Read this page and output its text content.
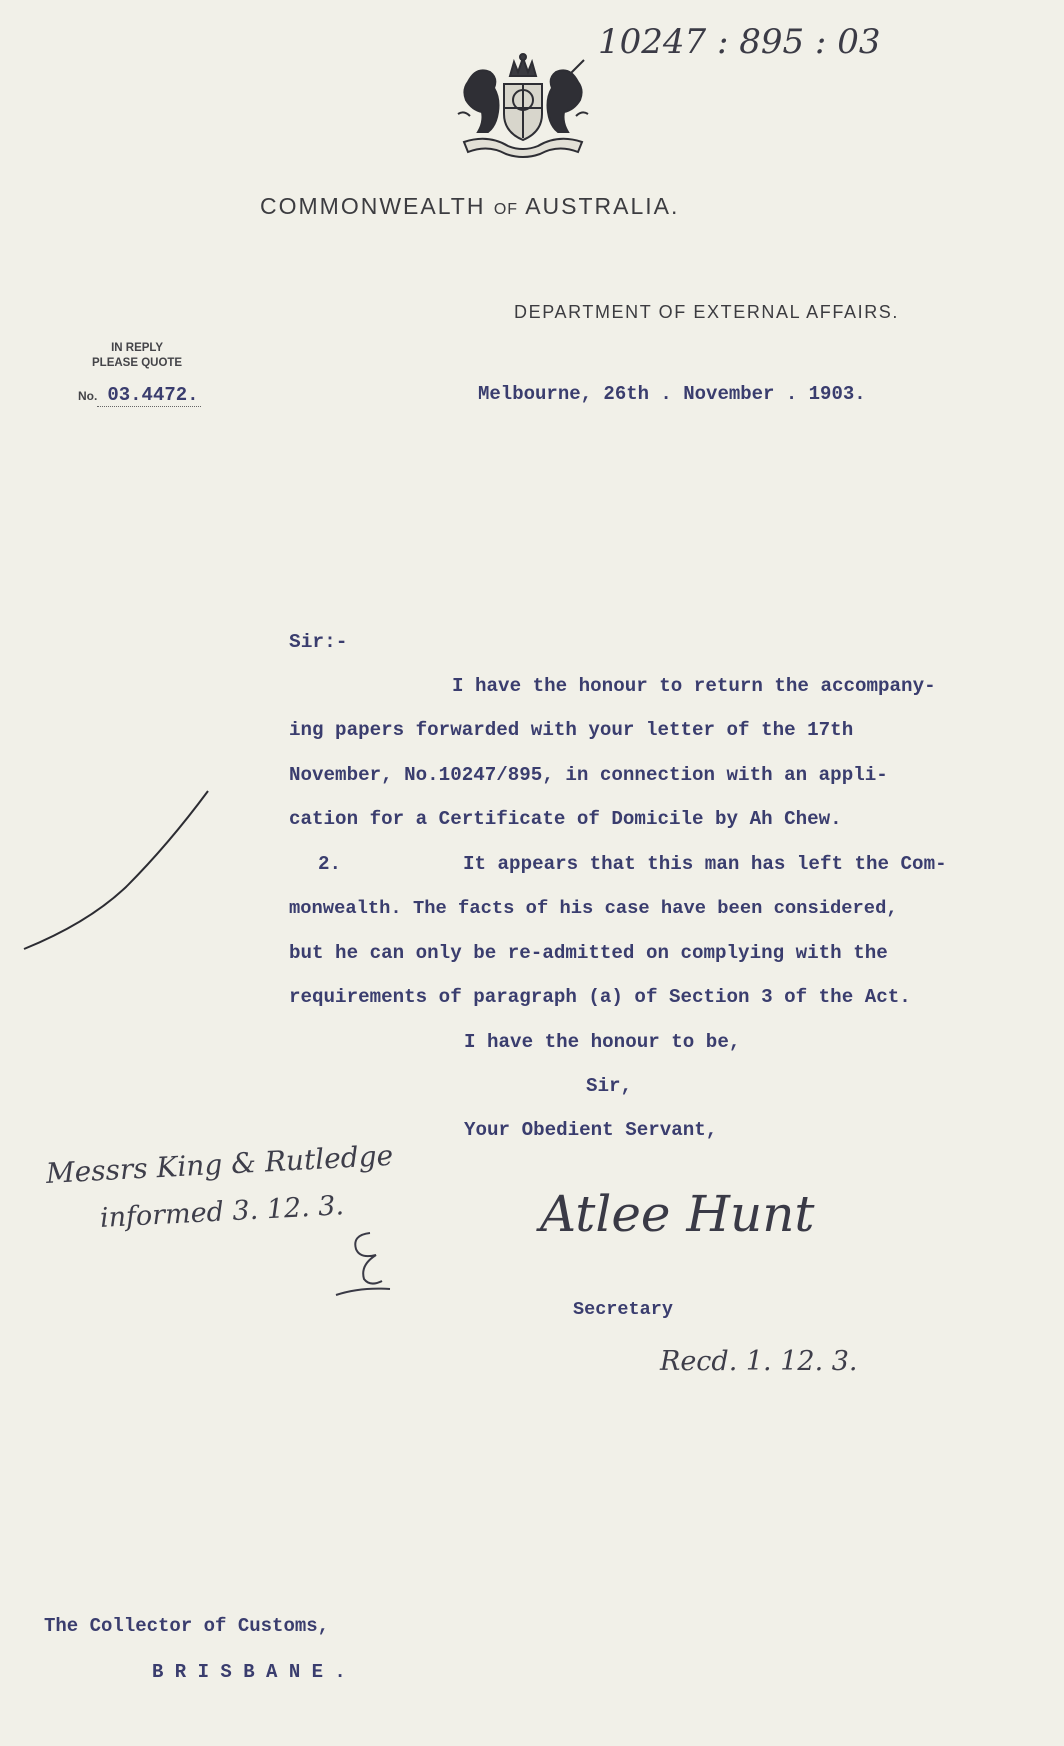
10247 : 895 : 03
COMMONWEALTH OF AUSTRALIA.
DEPARTMENT OF EXTERNAL AFFAIRS.
IN REPLY
PLEASE QUOTE
No. 03.4472.	Melbourne, 26th . November . 1903.
Sir:-
I have the honour to return the accompany-
ing papers forwarded with your letter of the 17th
November, No.10247/895, in connection with an appli-
cation for a Certificate of Domicile by Ah Chew.
2.	It appears that this man has left the Com-
monwealth. The facts of his case have been considered,
but he can only be re-admitted on complying with the
requirements of paragraph (a) of Section 3 of the Act.
I have the honour to be,
Sir,
Your Obedient Servant,
Messrs King & Rutledge
informed 3. 12. 3.	Atlee Hunt
Secretary
Recd. 1. 12. 3.
The Collector of Customs,
B R I S B A N E .
